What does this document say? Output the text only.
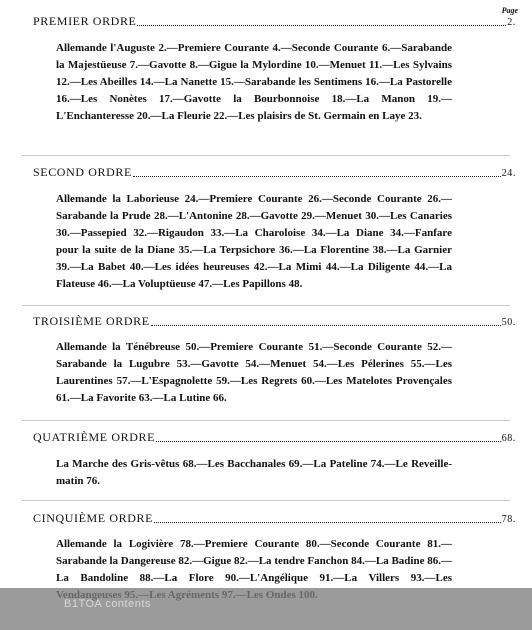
Page
PREMIER ORDRE	2.
Allemande l'Auguste 2.—Premiere Courante 4.—Seconde Courante 6.—Sarabande la Majestüeuse 7.—Gavotte 8.—Gigue la Mylordine 10.—Menuet 11.—Les Sylvains 12.—Les Abeilles 14.—La Nanette 15.—Sarabande les Sentimens 16.—La Pastorelle 16.—Les Nonètes 17.—Gavotte la Bourbonnoise 18.—La Manon 19.—L'Enchanteresse 20.—La Fleurie 22.—Les plaisirs de St. Germain en Laye 23.
SECOND ORDRE	24.
Allemande la Laborieuse 24.—Premiere Courante 26.—Seconde Courante 26.—Sarabande la Prude 28.—L'Antonine 28.—Gavotte 29.—Menuet 30.—Les Canaries 30.—Passepied 32.—Rigaudon 33.—La Charoloise 34.—La Diane 34.—Fanfare pour la suite de la Diane 35.—La Terpsichore 36.—La Florentine 38.—La Garnier 39.—La Babet 40.—Les idées heureuses 42.—La Mimi 44.—La Diligente 44.—La Flateuse 46.—La Voluptüeuse 47.—Les Papillons 48.
TROISIÈME ORDRE	50.
Allemande la Ténébreuse 50.—Premiere Courante 51.—Seconde Courante 52.—Sarabande la Lugubre 53.—Gavotte 54.—Menuet 54.—Les Pélerines 55.—Les Laurentines 57.—L'Espagnolette 59.—Les Regrets 60.—Les Matelotes Provençales 61.—La Favorite 63.—La Lutine 66.
QUATRIÈME ORDRE	68.
La Marche des Gris-vêtus 68.—Les Bacchanales 69.—La Pateline 74.—Le Reveille-matin 76.
CINQUIÈME ORDRE	78.
Allemande la Logivière 78.—Premiere Courante 80.—Seconde Courante 81.—Sarabande la Dangereuse 82.—Gigue 82.—La tendre Fanchon 84.—La Badine 86.—La Bandoline 88.—La Flore 90.—L'Angélique 91.—La Villers 93.—Les
B1TOA contents
